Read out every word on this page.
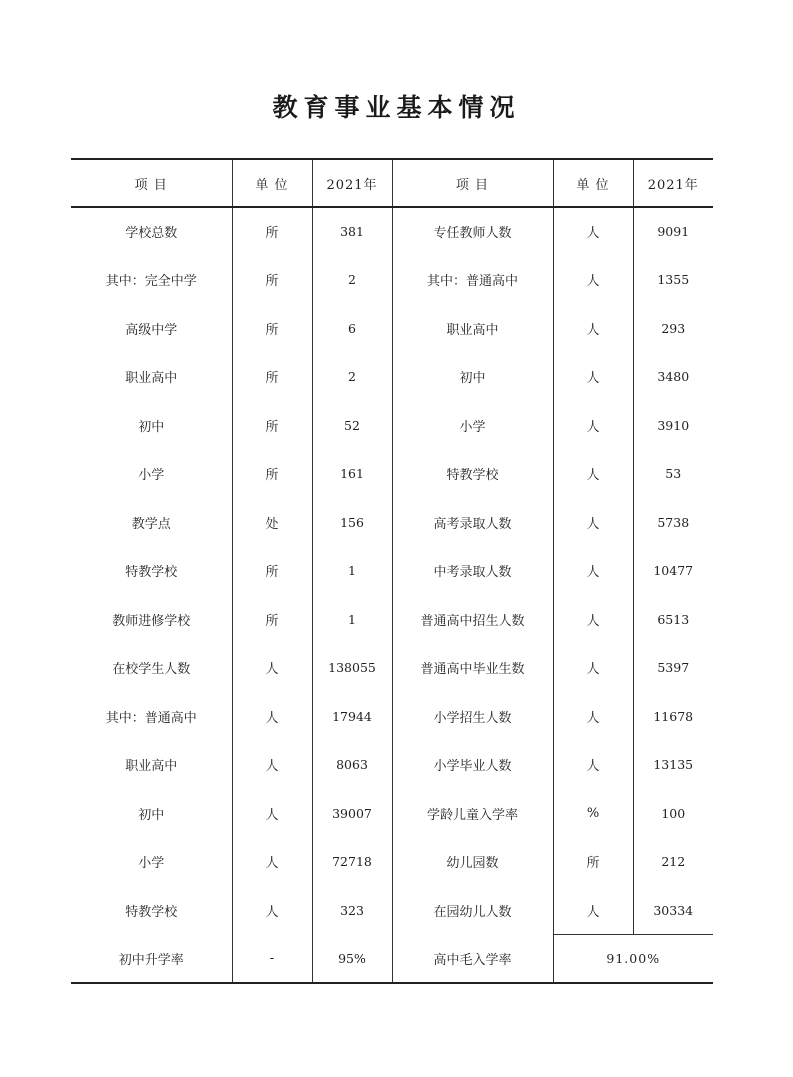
教育事业基本情况
项 目	单 位	2021年	项 目	单 位	2021年
学校总数	所	381	专任教师人数	人	9091
其中：完全中学	所	2	其中：普通高中	人	1355
高级中学	所	6	职业高中	人	293
职业高中	所	2	初中	人	3480
初中	所	52	小学	人	3910
小学	所	161	特教学校	人	53
教学点	处	156	高考录取人数	人	5738
特教学校	所	1	中考录取人数	人	10477
教师进修学校	所	1	普通高中招生人数	人	6513
在校学生人数	人	138055	普通高中毕业生数	人	5397
其中：普通高中	人	17944	小学招生人数	人	11678
职业高中	人	8063	小学毕业人数	人	13135
初中	人	39007	学龄儿童入学率	%	100
小学	人	72718	幼儿园数	所	212
特教学校	人	323	在园幼儿人数	人	30334
初中升学率	-	95%	高中毛入学率	91.00%	
